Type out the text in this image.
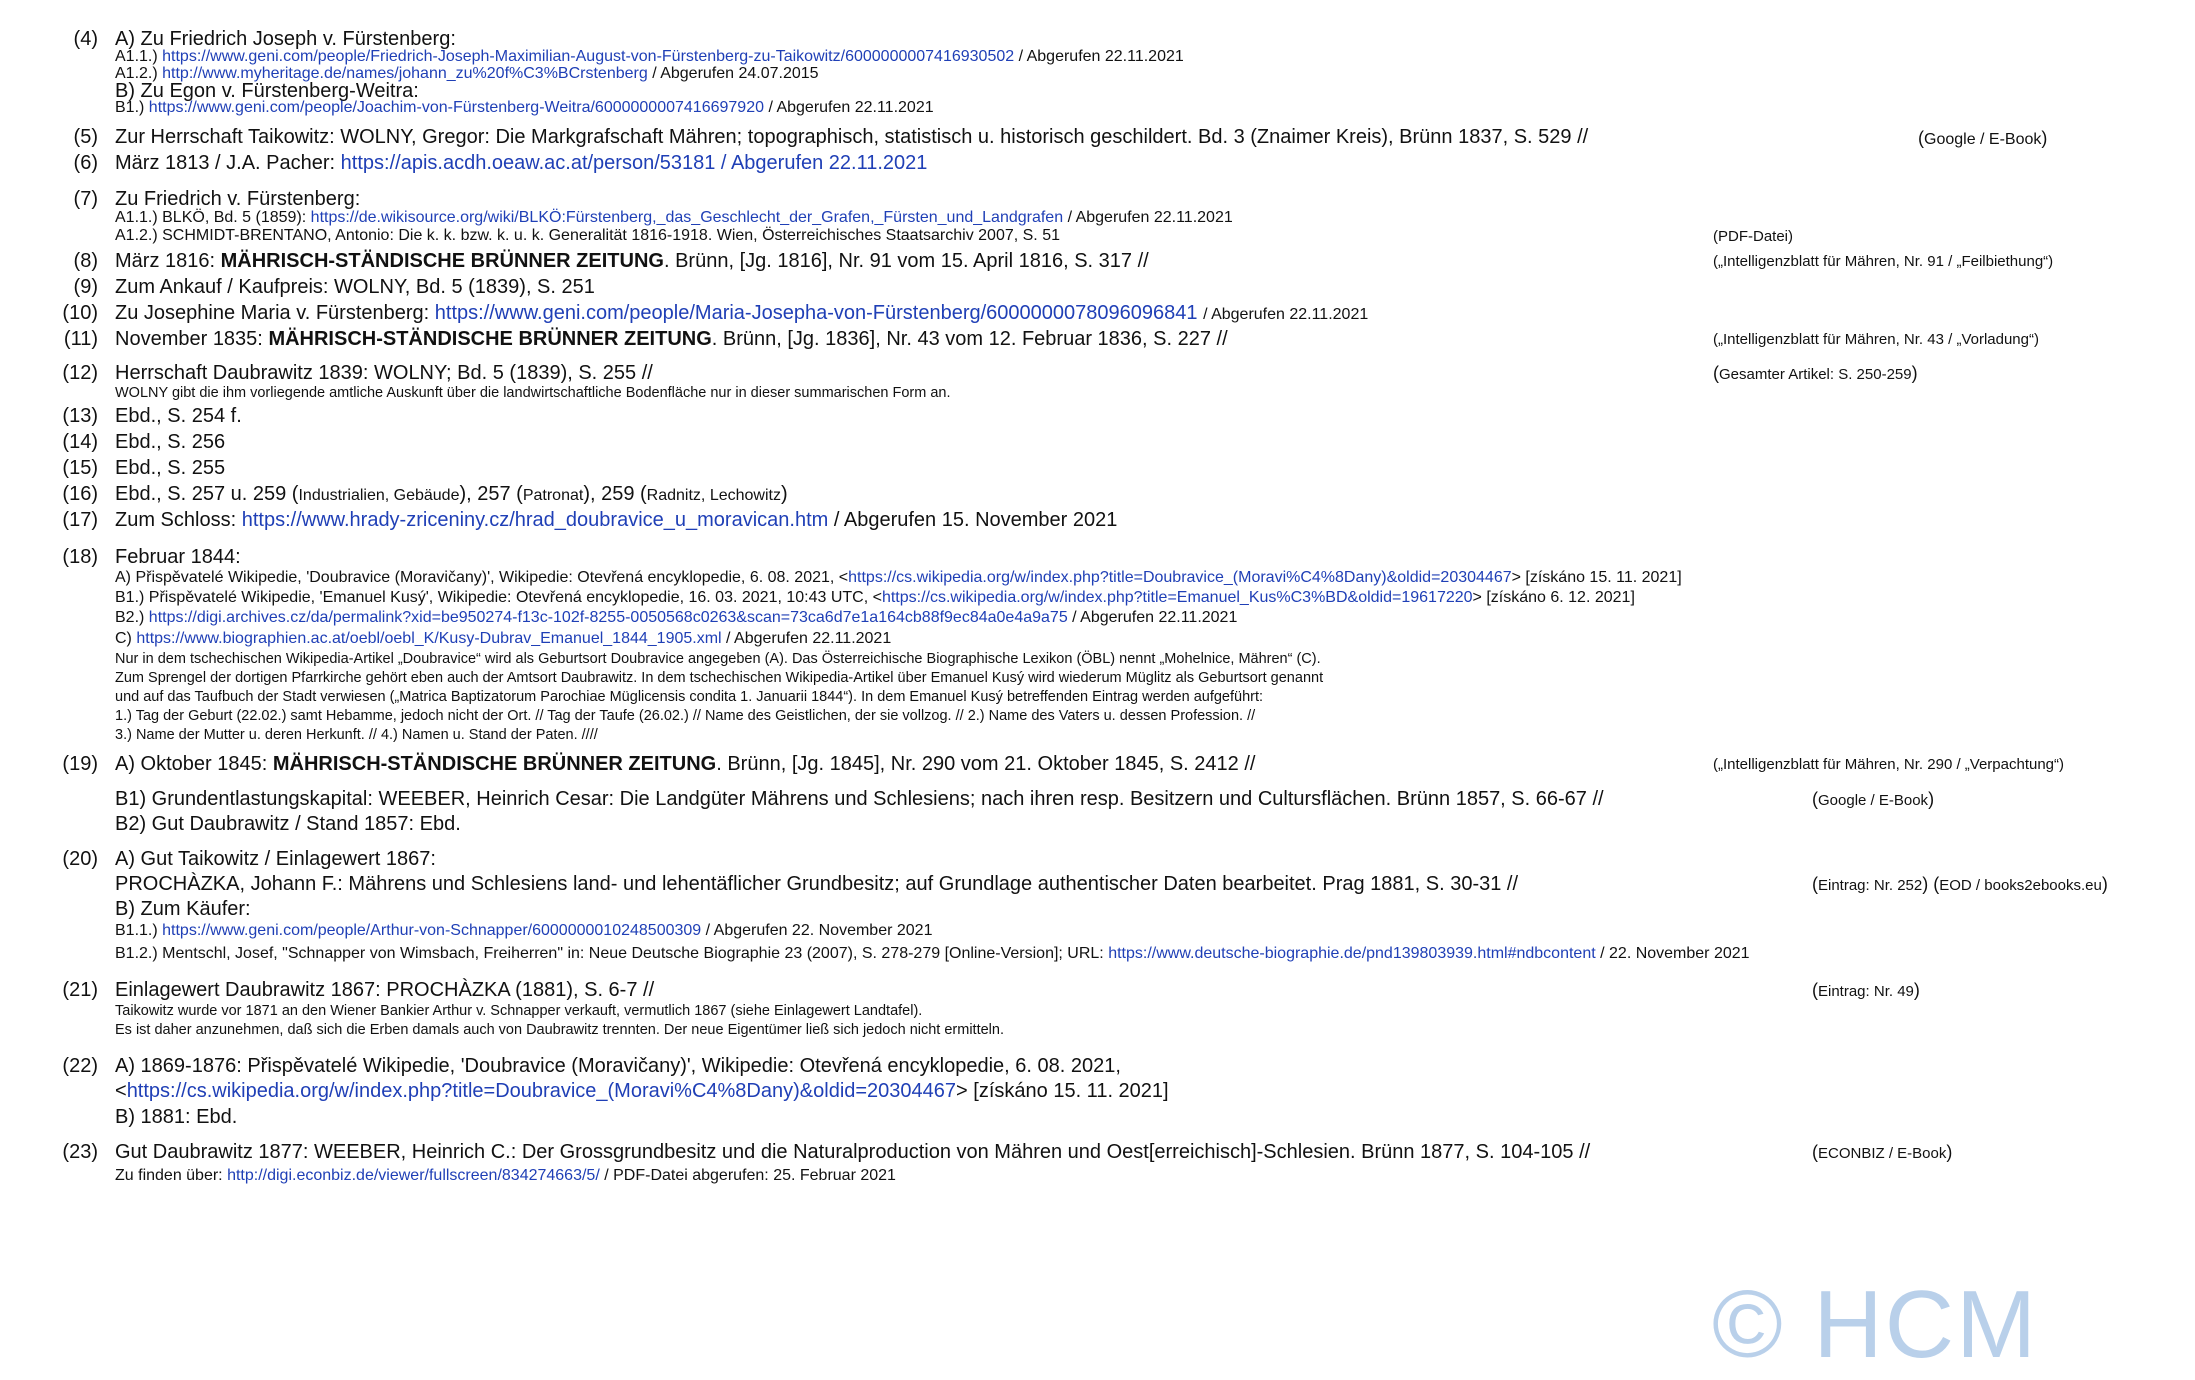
(4) A) Zu Friedrich Joseph v. Fürstenberg:
A1.1.) https://www.geni.com/people/Friedrich-Joseph-Maximilian-August-von-Fürstenberg-zu-Taikowitz/6000000007416930502 / Abgerufen 22.11.2021
A1.2.) http://www.myheritage.de/names/johann_zu%20f%C3%BCrstenberg / Abgerufen 24.07.2015
B) Zu Egon v. Fürstenberg-Weitra:
B1.) https://www.geni.com/people/Joachim-von-Fürstenberg-Weitra/6000000007416697920 / Abgerufen 22.11.2021
(5) Zur Herrschaft Taikowitz: WOLNY, Gregor: Die Markgrafschaft Mähren; topographisch, statistisch u. historisch geschildert. Bd. 3 (Znaimer Kreis), Brünn 1837, S. 529 //	(Google / E-Book)
(6) März 1813 / J.A. Pacher: https://apis.acdh.oeaw.ac.at/person/53181 / Abgerufen 22.11.2021
(7) Zu Friedrich v. Fürstenberg:
A1.1.) BLKÖ, Bd. 5 (1859): https://de.wikisource.org/wiki/BLKÖ:Fürstenberg,_das_Geschlecht_der_Grafen,_Fürsten_und_Landgrafen / Abgerufen 22.11.2021
A1.2.) SCHMIDT-BRENTANO, Antonio: Die k. k. bzw. k. u. k. Generalität 1816-1918. Wien, Österreichisches Staatsarchiv 2007, S. 51	(PDF-Datei)
(8) März 1816: MÄHRISCH-STÄNDISCHE BRÜNNER ZEITUNG. Brünn, [Jg. 1816], Nr. 91 vom 15. April 1816, S. 317 //	(„Intelligenzblatt für Mähren, Nr. 91 / „Feilbiethung“)
(9) Zum Ankauf / Kaufpreis: WOLNY, Bd. 5 (1839), S. 251
(10) Zu Josephine Maria v. Fürstenberg: https://www.geni.com/people/Maria-Josepha-von-Fürstenberg/6000000078096096841 / Abgerufen 22.11.2021
(11) November 1835: MÄHRISCH-STÄNDISCHE BRÜNNER ZEITUNG. Brünn, [Jg. 1836], Nr. 43 vom 12. Februar 1836, S. 227 //	(„Intelligenzblatt für Mähren, Nr. 43 / „Vorladung“)
(12) Herrschaft Daubrawitz 1839: WOLNY; Bd. 5 (1839), S. 255 //	(Gesamter Artikel: S. 250-259)
WOLNY gibt die ihm vorliegende amtliche Auskunft über die landwirtschaftliche Bodenfläche nur in dieser summarischen Form an.
(13) Ebd., S. 254 f.
(14) Ebd., S. 256
(15) Ebd., S. 255
(16) Ebd., S. 257 u. 259 (Industrialien, Gebäude), 257 (Patronat), 259 (Radnitz, Lechowitz)
(17) Zum Schloss: https://www.hrady-zriceniny.cz/hrad_doubravice_u_moravican.htm / Abgerufen 15. November 2021
(18) Februar 1844:
A) Přispěvatelé Wikipedie, 'Doubravice (Moravičany)', Wikipedie: Otevřená encyklopedie, 6. 08. 2021, <https://cs.wikipedia.org/w/index.php?title=Doubravice_(Moravi%C4%8Dany)&oldid=20304467> [získáno 15. 11. 2021]
B1.) Přispěvatelé Wikipedie, 'Emanuel Kusý', Wikipedie: Otevřená encyklopedie, 16. 03. 2021, 10:43 UTC, <https://cs.wikipedia.org/w/index.php?title=Emanuel_Kus%C3%BD&oldid=19617220> [získáno 6. 12. 2021]
B2.) https://digi.archives.cz/da/permalink?xid=be950274-f13c-102f-8255-0050568c0263&scan=73ca6d7e1a164cb88f9ec84a0e4a9a75 / Abgerufen 22.11.2021
C) https://www.biographien.ac.at/oebl/oebl_K/Kusy-Dubrav_Emanuel_1844_1905.xml / Abgerufen 22.11.2021
Nur in dem tschechischen Wikipedia-Artikel „Doubravice“ wird als Geburtsort Doubravice angegeben (A). Das Österreichische Biographische Lexikon (ÖBL) nennt „Mohelnice, Mähren“ (C).
Zum Sprengel der dortigen Pfarrkirche gehört eben auch der Amtsort Daubrawitz. In dem tschechischen Wikipedia-Artikel über Emanuel Kusý wird wiederum Müglitz als Geburtsort genannt
und auf das Taufbuch der Stadt verwiesen („Matrica Baptizatorum Parochiae Müglicensis condita 1. Januarii 1844“). In dem Emanuel Kusý betreffenden Eintrag werden aufgeführt:
1.) Tag der Geburt (22.02.) samt Hebamme, jedoch nicht der Ort. // Tag der Taufe (26.02.) // Name des Geistlichen, der sie vollzog. // 2.) Name des Vaters u. dessen Profession. //
3.) Name der Mutter u. deren Herkunft. // 4.) Namen u. Stand der Paten. ////
(19) A) Oktober 1845: MÄHRISCH-STÄNDISCHE BRÜNNER ZEITUNG. Brünn, [Jg. 1845], Nr. 290 vom 21. Oktober 1845, S. 2412 //	(„Intelligenzblatt für Mähren, Nr. 290 / „Verpachtung“)
B1) Grundentlastungskapital: WEEBER, Heinrich Cesar: Die Landgüter Mährens und Schlesiens; nach ihren resp. Besitzern und Cultursflächen. Brünn 1857, S. 66-67 //	(Google / E-Book)
B2) Gut Daubrawitz / Stand 1857: Ebd.
(20) A) Gut Taikowitz / Einlagewert 1867:
PROCHÀZKA, Johann F.: Mährens und Schlesiens land- und lehentäflicher Grundbesitz; auf Grundlage authentischer Daten bearbeitet. Prag 1881, S. 30-31 //	(Eintrag: Nr. 252) (EOD / books2ebooks.eu)
B) Zum Käufer:
B1.1.) https://www.geni.com/people/Arthur-von-Schnapper/6000000010248500309 / Abgerufen 22. November 2021
B1.2.) Mentschl, Josef, "Schnapper von Wimsbach, Freiherren" in: Neue Deutsche Biographie 23 (2007), S. 278-279 [Online-Version]; URL: https://www.deutsche-biographie.de/pnd139803939.html#ndbcontent / 22. November 2021
(21) Einlagewert Daubrawitz 1867: PROCHÀZKA (1881), S. 6-7 //	(Eintrag: Nr. 49)
Taikowitz wurde vor 1871 an den Wiener Bankier Arthur v. Schnapper verkauft, vermutlich 1867 (siehe Einlagewert Landtafel).
Es ist daher anzunehmen, daß sich die Erben damals auch von Daubrawitz trennten. Der neue Eigentümer ließ sich jedoch nicht ermitteln.
(22) A) 1869-1876: Přispěvatelé Wikipedie, 'Doubravice (Moravičany)', Wikipedie: Otevřená encyklopedie, 6. 08. 2021,
<https://cs.wikipedia.org/w/index.php?title=Doubravice_(Moravi%C4%8Dany)&oldid=20304467> [získáno 15. 11. 2021]
B) 1881: Ebd.
(23) Gut Daubrawitz 1877: WEEBER, Heinrich C.: Der Grossgrundbesitz und die Naturalproduction von Mähren und Oest[erreichisch]-Schlesien. Brünn 1877, S. 104-105 //	(ECONBIZ / E-Book)
Zu finden über: http://digi.econbiz.de/viewer/fullscreen/834274663/5/ / PDF-Datei abgerufen: 25. Februar 2021
© HCM
